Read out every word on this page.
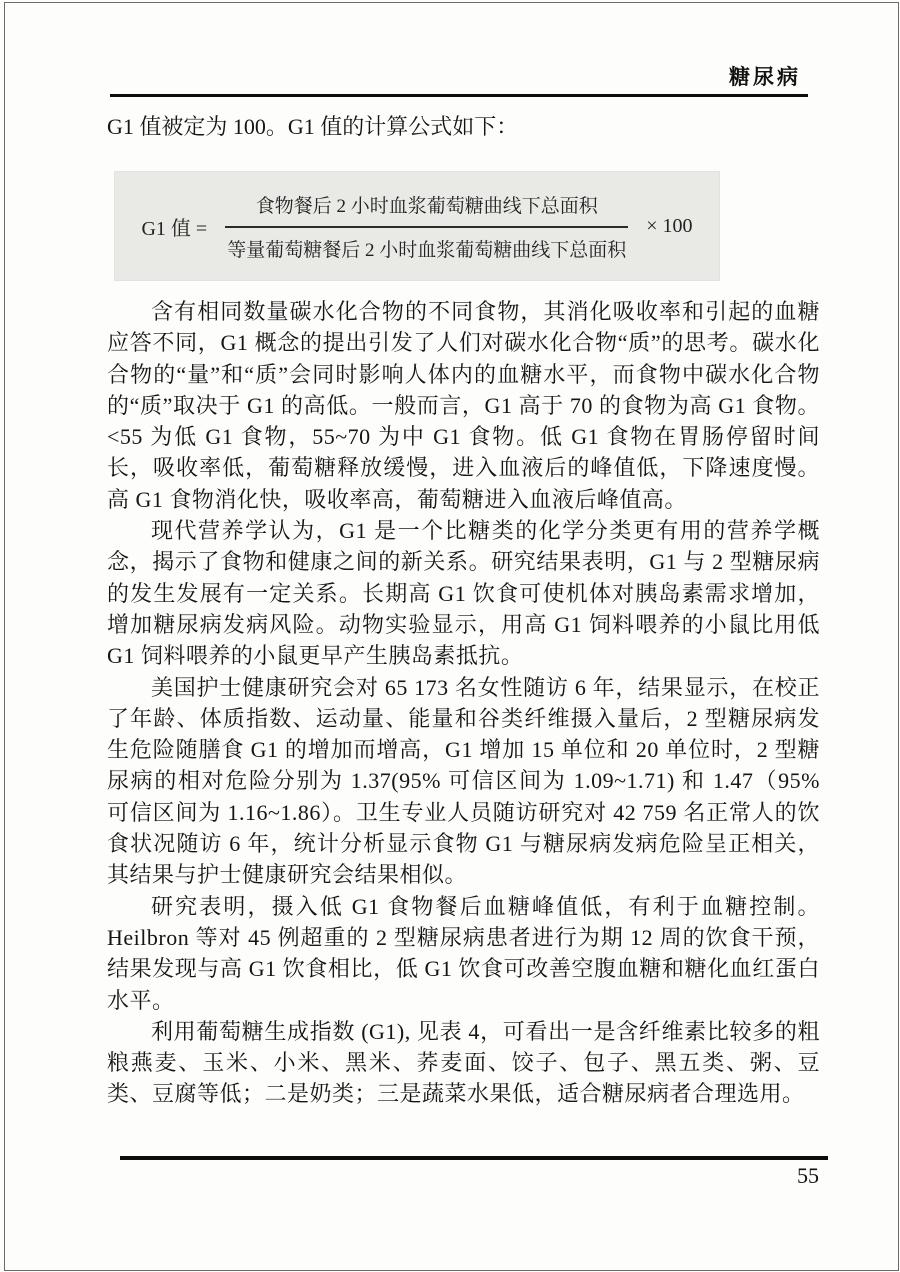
糖尿病
G1 值被定为 100。G1 值的计算公式如下：
G1 值 = $\frac{\text{食物餐后 2 小时血浆葡萄糖曲线下总面积}}{\text{等量葡萄糖餐后 2 小时血浆葡萄糖曲线下总面积}} \times 100$

含有相同数量碳水化合物的不同食物，其消化吸收率和引起的血糖应答不同，G1 概念的提出引发了人们对碳水化合物“质”的思考。碳水化合物的“量”和“质”会同时影响人体内的血糖水平，而食物中碳水化合物的“质”取决于 G1 的高低。一般而言，G1 高于 70 的食物为高 G1 食物。<55 为低 G1 食物，55~70 为中 G1 食物。低 G1 食物在胃肠停留时间长，吸收率低，葡萄糖释放缓慢，进入血液后的峰值低，下降速度慢。高 G1 食物消化快，吸收率高，葡萄糖进入血液后峰值高。

现代营养学认为，G1 是一个比糖类的化学分类更有用的营养学概念，揭示了食物和健康之间的新关系。研究结果表明，G1 与 2 型糖尿病的发生发展有一定关系。长期高 G1 饮食可使机体对胰岛素需求增加，增加糖尿病发病风险。动物实验显示，用高 G1 饲料喂养的小鼠比用低 G1 饲料喂养的小鼠更早产生胰岛素抵抗。

美国护士健康研究会对 65 173 名女性随访 6 年，结果显示，在校正了年龄、体质指数、运动量、能量和谷类纤维摄入量后，2 型糖尿病发生危险随膳食 G1 的增加而增高，G1 增加 15 单位和 20 单位时，2 型糖尿病的相对危险分别为 1.37(95% 可信区间为 1.09~1.71) 和 1.47（95% 可信区间为 1.16~1.86）。卫生专业人员随访研究对 42 759 名正常人的饮食状况随访 6 年，统计分析显示食物 G1 与糖尿病发病危险呈正相关，其结果与护士健康研究会结果相似。

研究表明，摄入低 G1 食物餐后血糖峰值低，有利于血糖控制。Heilbron 等对 45 例超重的 2 型糖尿病患者进行为期 12 周的饮食干预，结果发现与高 G1 饮食相比，低 G1 饮食可改善空腹血糖和糖化血红蛋白水平。

利用葡萄糖生成指数 (G1), 见表 4，可看出一是含纤维素比较多的粗粮燕麦、玉米、小米、黑米、荞麦面、饺子、包子、黑五类、粥、豆类、豆腐等低；二是奶类；三是蔬菜水果低，适合糖尿病者合理选用。

55
